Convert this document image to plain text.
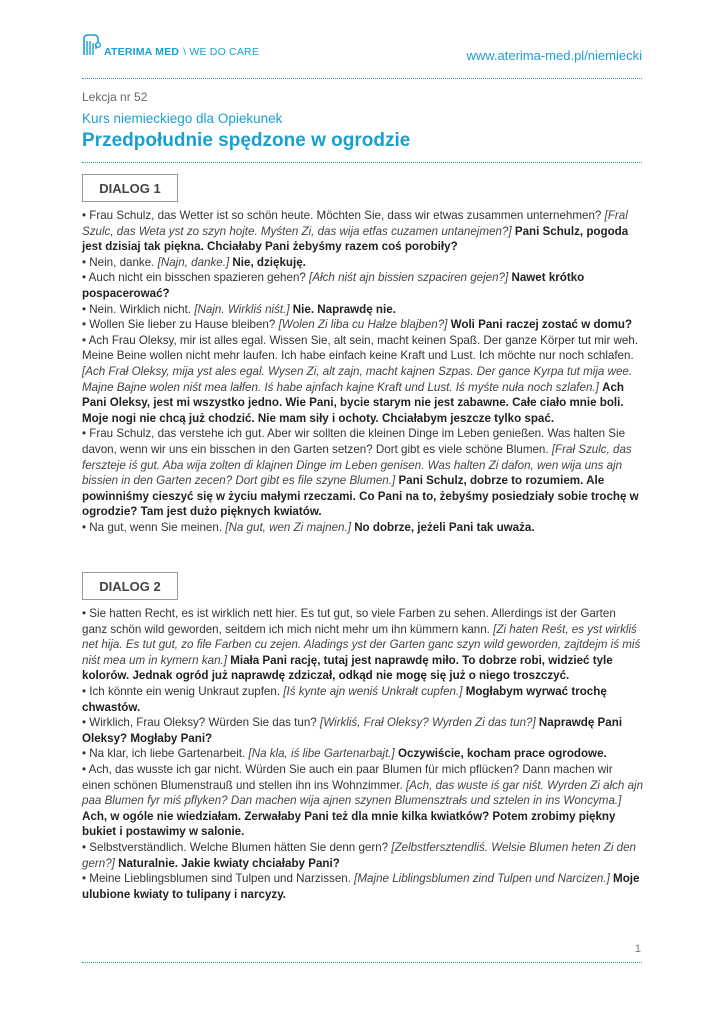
ATERIMA MED \ WE DO CARE	www.aterima-med.pl/niemiecki
Lekcja nr 52
Kurs niemieckiego dla Opiekunek
Przedpołudnie spędzone w ogrodzie
DIALOG 1

• Frau Schulz, das Wetter ist so schön heute. Möchten Sie, dass wir etwas zusammen unternehmen? [Fral Szulc, das Weta yst zo szyn hojte. Myśten Zi, das wija etfas cuzamen untanejmen?] Pani Schulz, pogoda jest dzisiaj tak piękna. Chciałaby Pani żebyśmy razem coś porobiły?

• Nein, danke. [Najn, danke.] Nie, dziękuję.

• Auch nicht ein bisschen spazieren gehen? [Ałch niśt ajn bissien szpaciren gejen?] Nawet krótko pospacerować?

• Nein. Wirklich nicht. [Najn. Wirkliś niśt.] Nie. Naprawdę nie.

• Wollen Sie lieber zu Hause bleiben? [Wolen Zi liba cu Hałze blajben?] Woli Pani raczej zostać w domu?

• Ach Frau Oleksy, mir ist alles egal. Wissen Sie, alt sein, macht keinen Spaß. Der ganze Körper tut mir weh. Meine Beine wollen nicht mehr laufen. Ich habe einfach keine Kraft und Lust. Ich möchte nur noch schlafen. [Ach Frał Oleksy, mija yst ales egal. Wysen Zi, alt zajn, macht kajnen Szpas. Der gance Kyrpa tut mija wee. Majne Bajne wolen niśt mea lałfen. Iś habe ajnfach kajne Kraft und Lust. Iś myśte nuła noch szlafen.] Ach Pani Oleksy, jest mi wszystko jedno. Wie Pani, bycie starym nie jest zabawne. Całe ciało mnie boli. Moje nogi nie chcą już chodzić. Nie mam siły i ochoty. Chciałabym jeszcze tylko spać.

• Frau Schulz, das verstehe ich gut. Aber wir sollten die kleinen Dinge im Leben genießen. Was halten Sie davon, wenn wir uns ein bisschen in den Garten setzen? Dort gibt es viele schöne Blumen. [Frał Szulc, das ferszteje iś gut. Aba wija zolten di klajnen Dinge im Leben genisen. Was halten Zi dafon, wen wija uns ajn bissien in den Garten zecen? Dort gibt es file szyne Blumen.] Pani Schulz, dobrze to rozumiem. Ale powinniśmy cieszyć się w życiu małymi rzeczami. Co Pani na to, żebyśmy posiedziały sobie trochę w ogrodzie? Tam jest dużo pięknych kwiatów.

• Na gut, wenn Sie meinen. [Na gut, wen Zi majnen.] No dobrze, jeżeli Pani tak uważa.

DIALOG 2

• Sie hatten Recht, es ist wirklich nett hier. Es tut gut, so viele Farben zu sehen. Allerdings ist der Garten ganz schön wild geworden, seitdem ich mich nicht mehr um ihn kümmern kann. [Zi haten Reśt, es yst wirkliś net hija. Es tut gut, zo file Farben cu zejen. Aladings yst der Garten ganc szyn wild geworden, zajtdejm iś miś niśt mea um in kymern kan.] Miała Pani rację, tutaj jest naprawdę miło. To dobrze robi, widzieć tyle kolorów. Jednak ogród już naprawdę zdziczał, odkąd nie mogę się już o niego troszczyć.

• Ich könnte ein wenig Unkraut zupfen. [Iś kynte ajn weniś Unkrałt cupfen.] Mogłabym wyrwać trochę chwastów.

• Wirklich, Frau Oleksy? Würden Sie das tun? [Wirkliś, Frał Oleksy? Wyrden Zi das tun?] Naprawdę Pani Oleksy? Mogłaby Pani?

• Na klar, ich liebe Gartenarbeit. [Na kla, iś libe Gartenarbajt.] Oczywiście, kocham prace ogrodowe.

• Ach, das wusste ich gar nicht. Würden Sie auch ein paar Blumen für mich pflücken? Dann machen wir einen schönen Blumenstrauß und stellen ihn ins Wohnzimmer. [Ach, das wuste iś gar niśt. Wyrden Zi ałch ajn paa Blumen fyr miś pflyken? Dan machen wija ajnen szynen Blumensztrałs und sztelen in ins Woncyma.] Ach, w ogóle nie wiedziałam. Zerwałaby Pani też dla mnie kilka kwiatków? Potem zrobimy piękny bukiet i postawimy w salonie.

• Selbstverständlich. Welche Blumen hätten Sie denn gern? [Zelbstfersztendliś. Welsie Blumen heten Zi den gern?] Naturalnie. Jakie kwiaty chciałaby Pani?

• Meine Lieblingsblumen sind Tulpen und Narzissen. [Majne Liblingsblumen zind Tulpen und Narcizen.] Moje ulubione kwiaty to tulipany i narcyzy.

1
